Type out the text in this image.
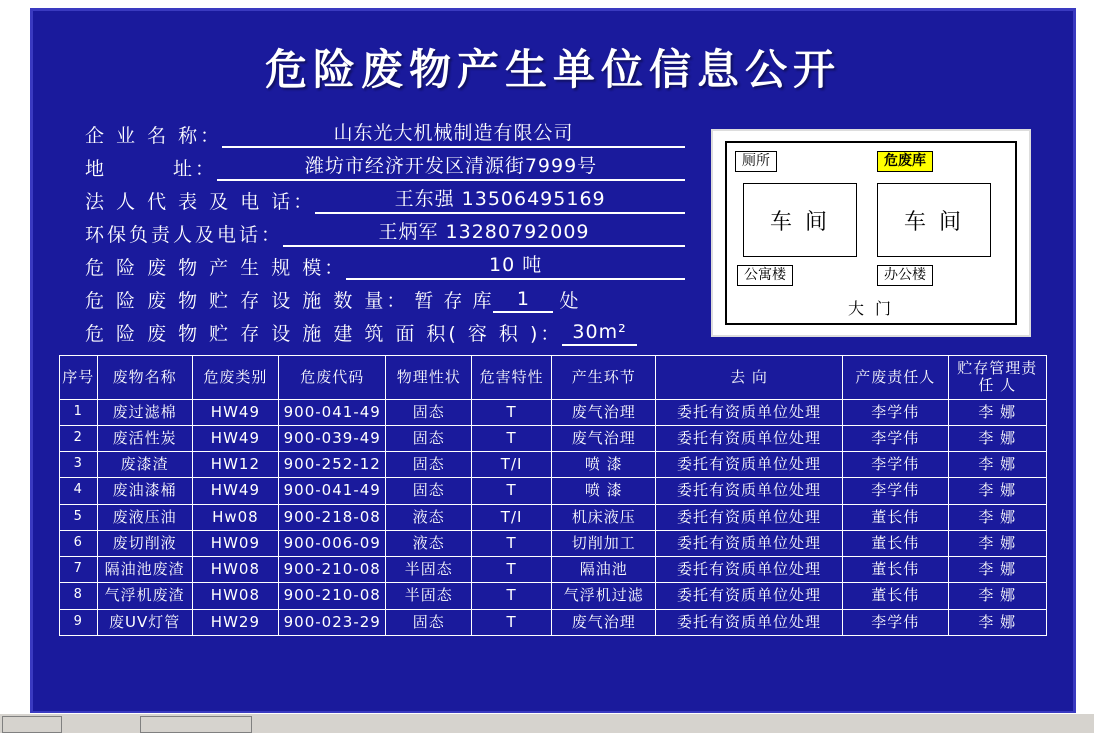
危险废物产生单位信息公开
企 业 名 称：	山东光大机械制造有限公司
地　　　址：	潍坊市经济开发区清源街7999号
法 人 代 表 及 电 话：	王东强 13506495169
环保负责人及电话：	王炳军 13280792009
危 险 废 物 产 生 规 模：	10 吨
危 险 废 物 贮 存 设 施 数 量： 暂 存 库	1	处
危 险 废 物 贮 存 设 施 建 筑 面 积( 容 积 )： 30m²
厕所	危废库
车 间	车 间
公寓楼	办公楼
大 门
序号	废物名称	危废类别	危废代码	物理性状	危害特性	产生环节	去 向	产废责任人	贮存管理责 任 人
1	废过滤棉	HW49	900-041-49	固态	T	废气治理	委托有资质单位处理	李学伟	李 娜
2	废活性炭	HW49	900-039-49	固态	T	废气治理	委托有资质单位处理	李学伟	李 娜
3	废漆渣	HW12	900-252-12	固态	T/I	喷 漆	委托有资质单位处理	李学伟	李 娜
4	废油漆桶	HW49	900-041-49	固态	T	喷 漆	委托有资质单位处理	李学伟	李 娜
5	废液压油	Hw08	900-218-08	液态	T/I	机床液压	委托有资质单位处理	董长伟	李 娜
6	废切削液	HW09	900-006-09	液态	T	切削加工	委托有资质单位处理	董长伟	李 娜
7	隔油池废渣	HW08	900-210-08	半固态	T	隔油池	委托有资质单位处理	董长伟	李 娜
8	气浮机废渣	HW08	900-210-08	半固态	T	气浮机过滤	委托有资质单位处理	董长伟	李 娜
9	废UV灯管	HW29	900-023-29	固态	T	废气治理	委托有资质单位处理	李学伟	李 娜
